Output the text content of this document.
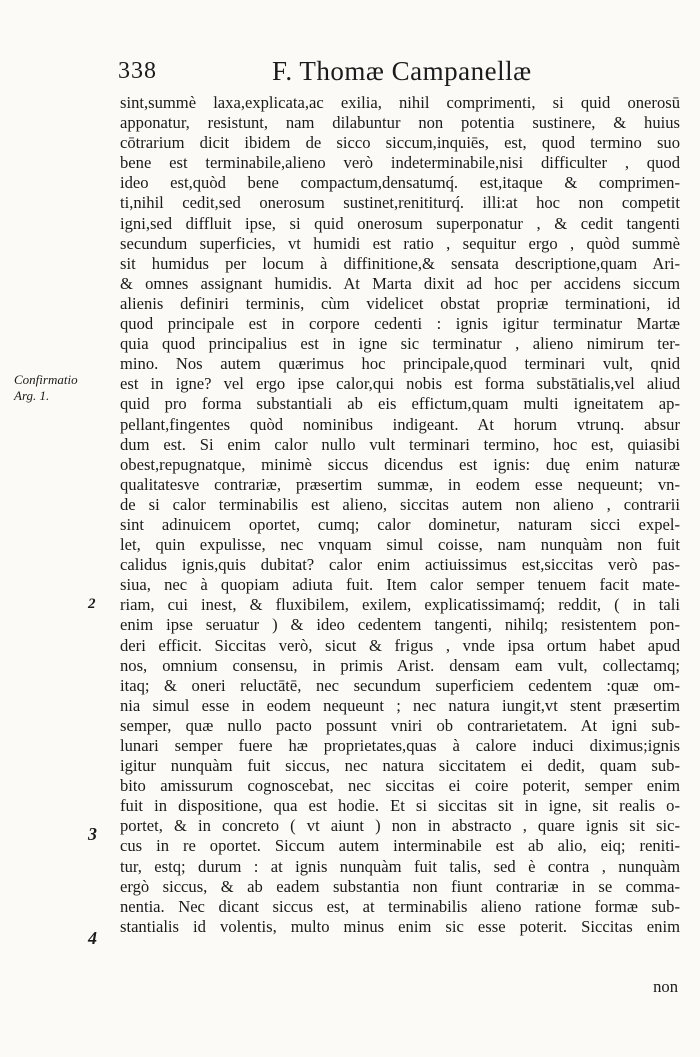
338	F. Thomæ Campanellæ
Confirmatio
Arg. 1.
2
3
4
sint,summè laxa,explicata,ac exilia, nihil comprimenti, si quid onerosū
apponatur, resistunt, nam dilabuntur non potentia sustinere, & huius
cōtrarium dicit ibidem de sicco siccum,inquiēs, est, quod termino suo
bene est terminabile,alieno verò indeterminabile,nisi difficulter , quod
ideo est,quòd bene compactum,densatumq́. est,itaque & comprimen-
ti,nihil cedit,sed onerosum sustinet,renititurq́. illi:at hoc non competit
igni,sed diffluit ipse, si quid onerosum superponatur , & cedit tangenti
secundum superficies, vt humidi est ratio , sequitur ergo , quòd summè
sit humidus per locum à diffinitione,& sensata descriptione,quam Ari-
& omnes assignant humidis. At Marta dixit ad hoc per accidens siccum
alienis definiri terminis, cùm videlicet obstat propriæ terminationi, id
quod principale est in corpore cedenti : ignis igitur terminatur Martæ
quia quod principalius est in igne sic terminatur , alieno nimirum ter-
mino. Nos autem quærimus hoc principale,quod terminari vult, qnid
est in igne? vel ergo ipse calor,qui nobis est forma substātialis,vel aliud
quid pro forma substantiali ab eis effictum,quam multi igneitatem ap-
pellant,fingentes quòd nominibus indigeant. At horum vtrunq. absur
dum est. Si enim calor nullo vult terminari termino, hoc est, quiasibi
obest,repugnatque, minimè siccus dicendus est ignis: duę enim naturæ
qualitatesve contrariæ, præsertim summæ, in eodem esse nequeunt; vn-
de si calor terminabilis est alieno, siccitas autem non alieno , contrarii
sint adinuicem oportet, cumq; calor dominetur, naturam sicci expel-
let, quin expulisse, nec vnquam simul coisse, nam nunquàm non fuit
calidus ignis,quis dubitat? calor enim actiuissimus est,siccitas verò pas-
siua, nec à quopiam adiuta fuit. Item calor semper tenuem facit mate-
riam, cui inest, & fluxibilem, exilem, explicatissimamq́; reddit, ( in tali
enim ipse seruatur ) & ideo cedentem tangenti, nihilq; resistentem pon-
deri efficit. Siccitas verò, sicut & frigus , vnde ipsa ortum habet apud
nos, omnium consensu, in primis Arist. densam eam vult, collectamq;
itaq; & oneri reluctātē, nec secundum superficiem cedentem :quæ om-
nia simul esse in eodem nequeunt ; nec natura iungit,vt stent præsertim
semper, quæ nullo pacto possunt vniri ob contrarietatem. At igni sub-
lunari semper fuere hæ proprietates,quas à calore induci diximus;ignis
igitur nunquàm fuit siccus, nec natura siccitatem ei dedit, quam sub-
bito amissurum cognoscebat, nec siccitas ei coire poterit, semper enim
fuit in dispositione, qua est hodie. Et si siccitas sit in igne, sit realis o-
portet, & in concreto ( vt aiunt ) non in abstracto , quare ignis sit sic-
cus in re oportet. Siccum autem interminabile est ab alio, eiq; reniti-
tur, estq; durum : at ignis nunquàm fuit talis, sed è contra , nunquàm
ergò siccus, & ab eadem substantia non fiunt contrariæ in se comma-
nentia. Nec dicant siccus est, at terminabilis alieno ratione formæ sub-
stantialis id volentis, multo minus enim sic esse poterit. Siccitas enim
non
